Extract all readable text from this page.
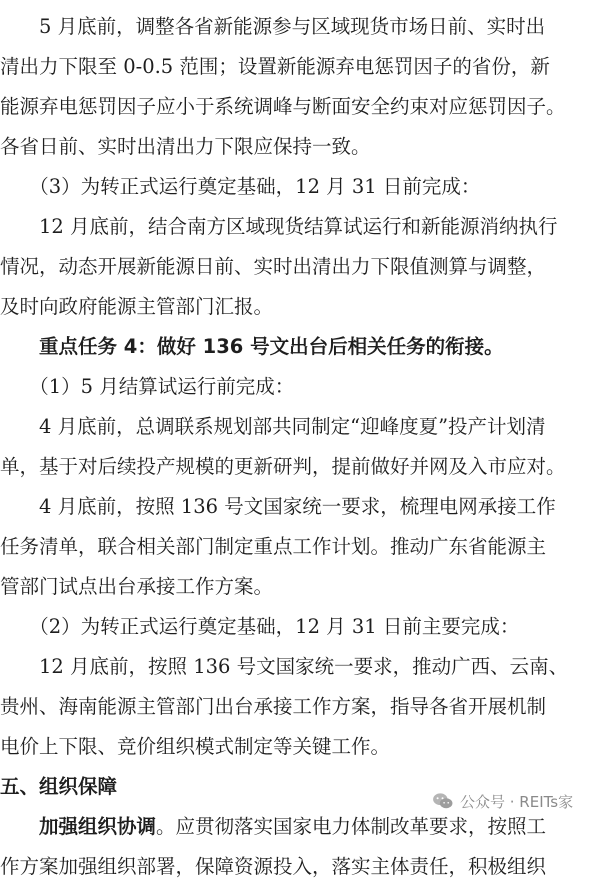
　　5 月底前，调整各省新能源参与区域现货市场日前、实时出
清出力下限至 0-0.5 范围；设置新能源弃电惩罚因子的省份，新
能源弃电惩罚因子应小于系统调峰与断面安全约束对应惩罚因子。
各省日前、实时出清出力下限应保持一致。
　　（3）为转正式运行奠定基础，12 月 31 日前完成：
　　12 月底前，结合南方区域现货结算试运行和新能源消纳执行
情况，动态开展新能源日前、实时出清出力下限值测算与调整，
及时向政府能源主管部门汇报。
　　重点任务 4：做好 136 号文出台后相关任务的衔接。
　　（1）5 月结算试运行前完成：
　　4 月底前，总调联系规划部共同制定“迎峰度夏”投产计划清
单，基于对后续投产规模的更新研判，提前做好并网及入市应对。
　　4 月底前，按照 136 号文国家统一要求，梳理电网承接工作
任务清单，联合相关部门制定重点工作计划。推动广东省能源主
管部门试点出台承接工作方案。
　　（2）为转正式运行奠定基础，12 月 31 日前主要完成：
　　12 月底前，按照 136 号文国家统一要求，推动广西、云南、
贵州、海南能源主管部门出台承接工作方案，指导各省开展机制
电价上下限、竞价组织模式制定等关键工作。
五、组织保障
　　加强组织协调。应贯彻落实国家电力体制改革要求，按照工
作方案加强组织部署，保障资源投入，落实主体责任，积极组织
公众号 · REITs家
